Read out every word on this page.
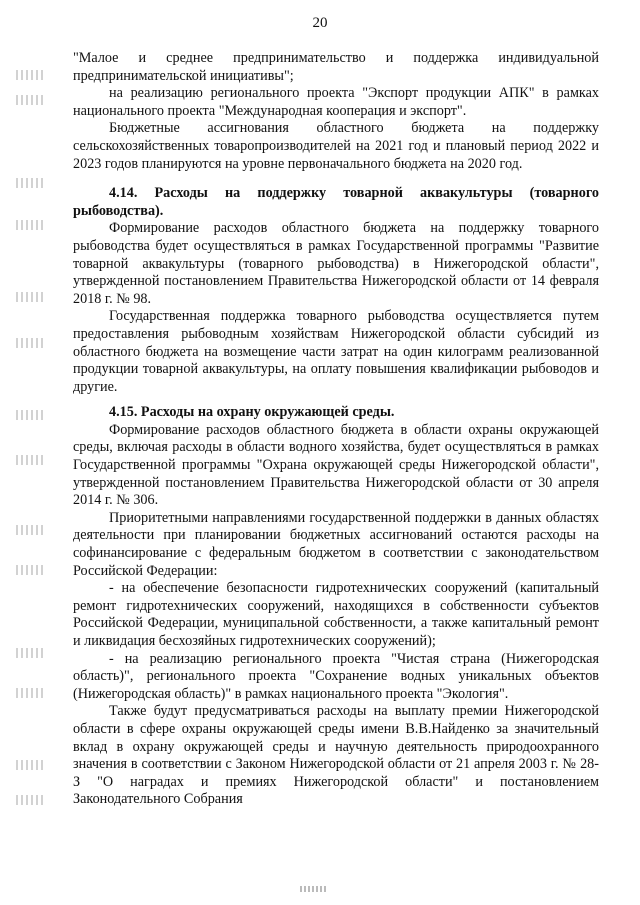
20

"Малое и среднее предпринимательство и поддержка индивидуальной предпринимательской инициативы";

на реализацию регионального проекта "Экспорт продукции АПК" в рамках национального проекта "Международная кооперация и экспорт".

Бюджетные ассигнования областного бюджета на поддержку сельскохозяйственных товаропроизводителей на 2021 год и плановый период 2022 и 2023 годов планируются на уровне первоначального бюджета на 2020 год.

4.14. Расходы на поддержку товарной аквакультуры (товарного рыбоводства).

Формирование расходов областного бюджета на поддержку товарного рыбоводства будет осуществляться в рамках Государственной программы "Развитие товарной аквакультуры (товарного рыбоводства) в Нижегородской области", утвержденной постановлением Правительства Нижегородской области от 14 февраля 2018 г. № 98.

Государственная поддержка товарного рыбоводства осуществляется путем предоставления рыбоводным хозяйствам Нижегородской области субсидий из областного бюджета на возмещение части затрат на один килограмм реализованной продукции товарной аквакультуры, на оплату повышения квалификации рыбоводов и другие.

4.15. Расходы на охрану окружающей среды.

Формирование расходов областного бюджета в области охраны окружающей среды, включая расходы в области водного хозяйства, будет осуществляться в рамках Государственной программы "Охрана окружающей среды Нижегородской области", утвержденной постановлением Правительства Нижегородской области от 30 апреля 2014 г. № 306.

Приоритетными направлениями государственной поддержки в данных областях деятельности при планировании бюджетных ассигнований остаются расходы на софинансирование с федеральным бюджетом в соответствии с законодательством Российской Федерации:

- на обеспечение безопасности гидротехнических сооружений (капитальный ремонт гидротехнических сооружений, находящихся в собственности субъектов Российской Федерации, муниципальной собственности, а также капитальный ремонт и ликвидация бесхозяйных гидротехнических сооружений);

- на реализацию регионального проекта "Чистая страна (Нижегородская область)", регионального проекта "Сохранение водных уникальных объектов (Нижегородская область)" в рамках национального проекта "Экология".

Также будут предусматриваться расходы на выплату премии Нижегородской области в сфере охраны окружающей среды имени В.В.Найденко за значительный вклад в охрану окружающей среды и научную деятельность природоохранного значения в соответствии с Законом Нижегородской области от 21 апреля 2003 г. № 28-З "О наградах и премиях Нижегородской области" и постановлением Законодательного Собрания
